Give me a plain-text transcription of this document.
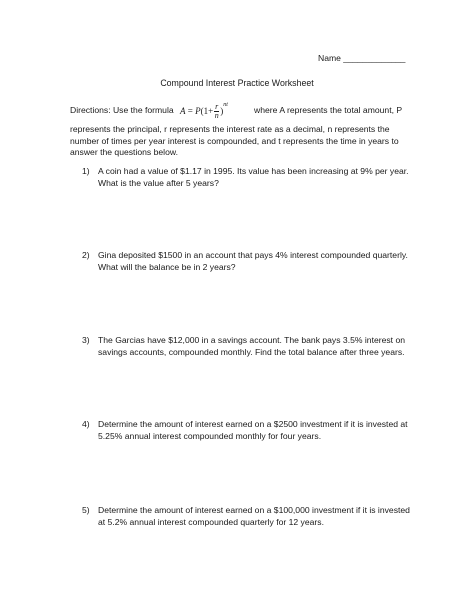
Name _____________
Compound Interest Practice Worksheet
Directions: Use the formula $A = P(1+ \frac{r}{n} )^{nt}$	where A represents the total amount, P
represents the principal, r represents the interest rate as a decimal, n represents the number of times per year interest is compounded, and t represents the time in years to answer the questions below.
1) A coin had a value of $1.17 in 1995. Its value has been increasing at 9% per year. What is the value after 5 years?
2) Gina deposited $1500 in an account that pays 4% interest compounded quarterly. What will the balance be in 2 years?
3) The Garcias have $12,000 in a savings account. The bank pays 3.5% interest on savings accounts, compounded monthly. Find the total balance after three years.
4) Determine the amount of interest earned on a $2500 investment if it is invested at 5.25% annual interest compounded monthly for four years.
5) Determine the amount of interest earned on a $100,000 investment if it is invested at 5.2% annual interest compounded quarterly for 12 years.
